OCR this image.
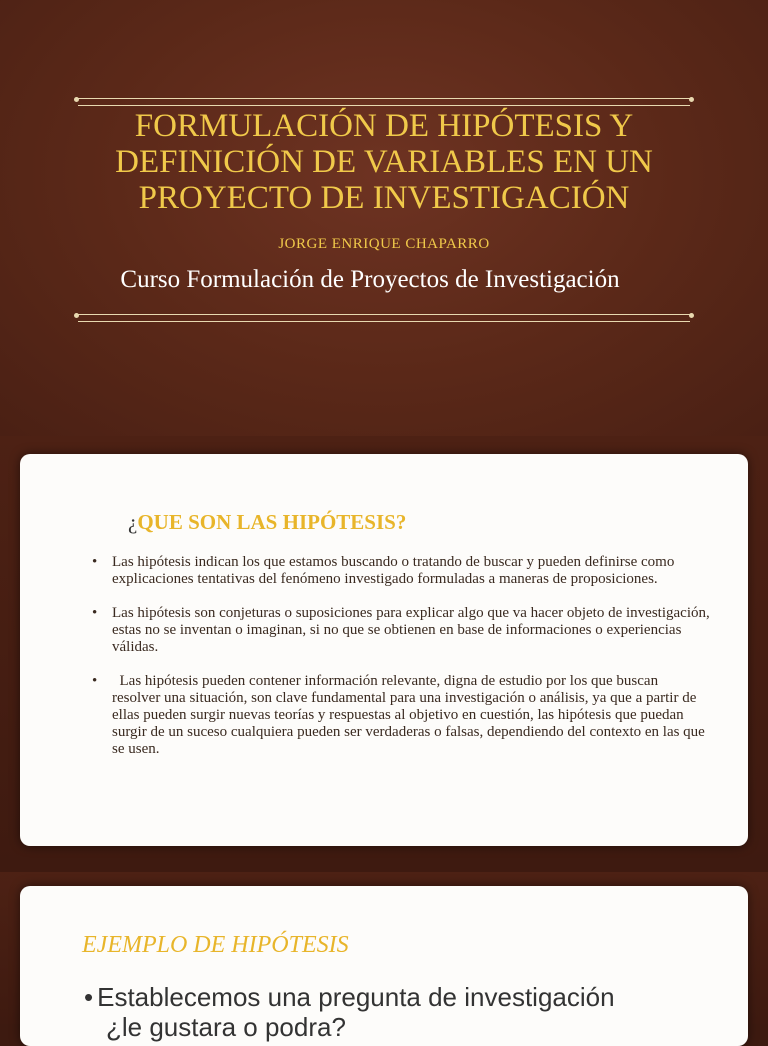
FORMULACIÓN DE HIPÓTESIS Y DEFINICIÓN DE VARIABLES EN UN PROYECTO DE INVESTIGACIÓN
JORGE ENRIQUE CHAPARRO
Curso Formulación de Proyectos de Investigación
¿QUE SON LAS HIPÓTESIS?
• Las hipótesis indican los que estamos buscando o tratando de buscar y pueden definirse como explicaciones tentativas del fenómeno investigado formuladas a maneras de proposiciones.
• Las hipótesis son conjeturas o suposiciones para explicar algo que va hacer objeto de investigación, estas no se inventan o imaginan, si no que se obtienen en base de informaciones o experiencias válidas.
• Las hipótesis pueden contener información relevante, digna de estudio por los que buscan resolver una situación, son clave fundamental para una investigación o análisis, ya que a partir de ellas pueden surgir nuevas teorías y respuestas al objetivo en cuestión, las hipótesis que puedan surgir de un suceso cualquiera pueden ser verdaderas o falsas, dependiendo del contexto en las que se usen.
EJEMPLO DE HIPÓTESIS
• Establecemos una pregunta de investigación
¿le gustara o podra?
